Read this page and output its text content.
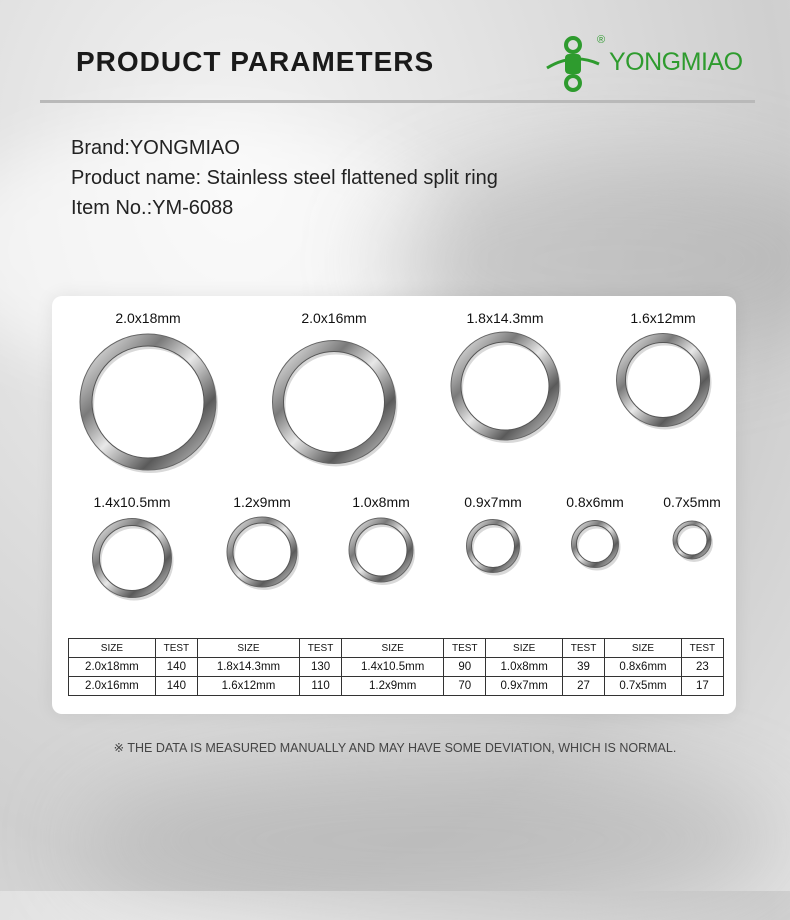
PRODUCT PARAMETERS
®
YONGMIAO
Brand:YONGMIAO
Product name: Stainless steel flattened split ring
Item No.:YM-6088
2.0x18mm	2.0x16mm	1.8x14.3mm	1.6x12mm
1.4x10.5mm	1.2x9mm	1.0x8mm	0.9x7mm	0.8x6mm	0.7x5mm
SIZE	TEST	SIZE	TEST	SIZE	TEST	SIZE	TEST	SIZE	TEST
2.0x18mm	140	1.8x14.3mm	130	1.4x10.5mm	90	1.0x8mm	39	0.8x6mm	23
2.0x16mm	140	1.6x12mm	110	1.2x9mm	70	0.9x7mm	27	0.7x5mm	17
※ THE DATA IS MEASURED MANUALLY AND MAY HAVE SOME DEVIATION, WHICH IS NORMAL.
